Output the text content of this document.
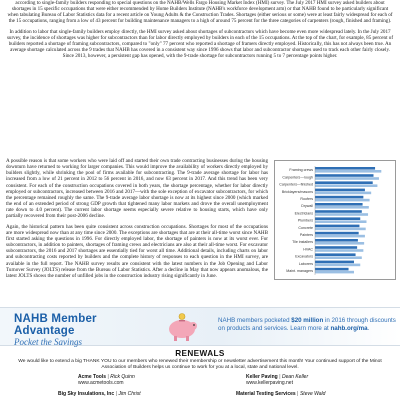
according to single-family builders responding to special questions on the NAHB/Wells Fargo Housing Market Index (HMI) survey. The July 2017 HMI survey asked builders about shortages in 15 specific occupations that were either recommended by Home Builders Institute (NAHB's workforce development arm) or that NAHB found to be particularly significant when tabulating Bureau of Labor Statistics data for a recent article on Young Adults & the Construction Trades. Shortages (either serious or some) were at least fairly widespread for each of the 15 occupations, ranging from a low of 43 percent for building maintenance managers to a high of around 75 percent for the three categories of carpenters (rough, finished and framing).

In addition to labor that single-family builders employ directly, the HMI survey asked about shortages of subcontractors which have become even more widespread lately. In the July 2017 survey, the incidence of shortages was higher for subcontractors than for labor directly employed by builders in each of the 15 occupations. At the top of the chart, for example, 85 percent of builders reported a shortage of framing subcontractors, compared to "only" 77 percent who reported a shortage of framers directly employed. Historically, this has not always been true. An average shortage calculated across the 9 trades that NAHB has covered in a consistent way since 1996 shows that labor and subcontractor shortages used to track each other fairly closely. Since 2013, however, a persistent gap has opened, with the 9-trade shortage for subcontractors running 5 to 7 percentage points higher.

A possible reason is that some workers who were laid off and started their own trade contracting businesses during the housing downturn have returned to working for larger companies. This would improve the availability of workers directly employed by builders slightly, while shrinking the pool of firms available for subcontracting. The 9-trade average shortage for labor has increased from a low of 21 percent in 2012 to 56 percent in 2016, and now 63 percent in 2017. And this trend has been very consistent. For each of the construction occupations covered in both years, the shortage percentage, whether for labor directly employed or subcontractors, increased between 2016 and 2017—with the sole exception of excavator subcontractors, for which the percentage remained roughly the same. The 9-trade average labor shortage is now at its highest since 2000 (which marked the end of an extended period of strong GDP growth that tightened many labor markets and drove the overall unemployment rate down to 4.0 percent). The current labor shortage seems especially severe relative to housing starts, which have only partially recovered from their post-2006 decline.

Again, the historical pattern has been quite consistent across construction occupations. Shortages for most of the occupations are more widespread now than at any time since 2000. The exceptions are shortages that are at their all-time worst since NAHB first started asking the questions in 1996. For directly employed labor, the shortage of painters is now at its worst ever. For subcontractors, in addition to painters, shortages of framing crews and electricians are also at their all-time worst. For excavator subcontractors, the 2016 and 2017 shortages are essentially tied for worst all time. Additional details, including charts on labor and subcontracting costs reported by builders and the complete history of responses to each question in the HMI survey, are available in the full report. The NAHB survey results are consistent with the latest numbers in the Job Opening and Labor Turnover Survey (JOLTS) release from the Bureau of Labor Statistics. After a decline in May that now appears anomalous, the latest JOLTS shows the number of unfilled jobs in the construction industry rising significantly in June.

Framing crews
Carpenters—rough
Carpenters—finished
Bricklayers/masons
Roofers
Drywall
Electricians
Plumbers
Concrete
Painters
Tile installers
HVAC
Excavators
Laborers
Maint. managers
NAHB Member
Advantage
Pocket the Savings
NAHB members pocketed $20 million in 2016 through discounts on products and services. Learn more at nahb.org/ma.
RENEWALS
We would like to extend a big THANK YOU to our members who renewed their membership or newsletter advertisement this month! Your continued support of the Minot Association of Builders helps us continue to work for you at a local, state and national level.
Acme Tools | Rick Quinn
www.acmetools.com
Keller Paving | Dean Keller
www.kellerpaving.net
Big Sky Insulations, Inc | Jim Christ	Material Testing Services | Steve Wald
